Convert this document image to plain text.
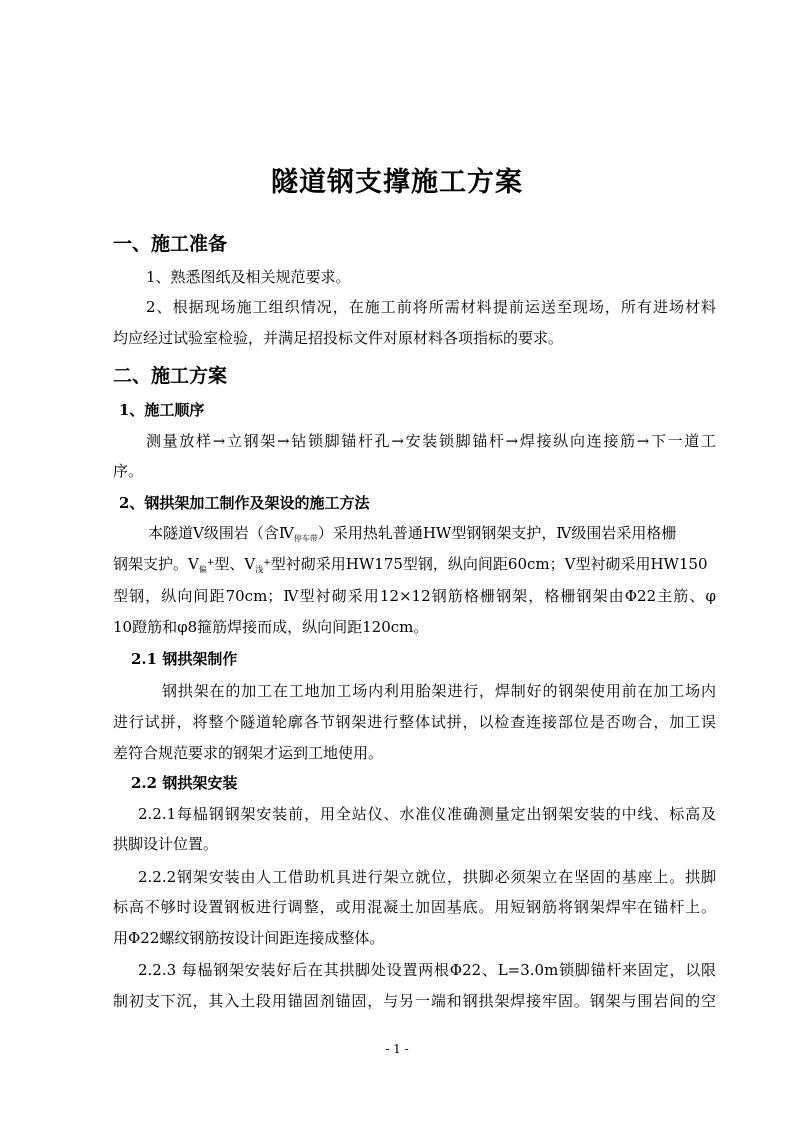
隧道钢支撑施工方案
一、施工准备
1、熟悉图纸及相关规范要求。
2、根据现场施工组织情况，在施工前将所需材料提前运送至现场，所有进场材料
均应经过试验室检验，并满足招投标文件对原材料各项指标的要求。
二、施工方案
1、施工顺序
测量放样→立钢架→钻锁脚锚杆孔→安装锁脚锚杆→焊接纵向连接筋→下一道工
序。
2、钢拱架加工制作及架设的施工方法
本隧道Ⅴ级围岩（含$Ⅳ_{停车带}$）采用热轧普通HW型钢钢架支护，Ⅳ级围岩采用格栅
钢架支护。$Ⅴ_偏^+$型、$Ⅴ_浅^+$型衬砌采用HW175型钢，纵向间距60cm；Ⅴ型衬砌采用HW150
型钢，纵向间距70cm；Ⅳ型衬砌采用12×12钢筋格栅钢架，格栅钢架由Φ22主筋、φ
10蹬筋和φ8箍筋焊接而成，纵向间距120cm。
2.1 钢拱架制作
钢拱架在的加工在工地加工场内利用胎架进行，焊制好的钢架使用前在加工场内
进行试拼，将整个隧道轮廓各节钢架进行整体试拼，以检查连接部位是否吻合，加工误
差符合规范要求的钢架才运到工地使用。
2.2 钢拱架安装
2.2.1每榀钢钢架安装前，用全站仪、水准仪准确测量定出钢架安装的中线、标高及
拱脚设计位置。
2.2.2钢架安装由人工借助机具进行架立就位，拱脚必须架立在坚固的基座上。拱脚
标高不够时设置钢板进行调整，或用混凝土加固基底。用短钢筋将钢架焊牢在锚杆上。
用Φ22螺纹钢筋按设计间距连接成整体。
2.2.3 每榀钢架安装好后在其拱脚处设置两根Φ22、L=3.0m锁脚锚杆来固定，以限
制初支下沉，其入土段用锚固剂锚固，与另一端和钢拱架焊接牢固。钢架与围岩间的空
- 1 -
